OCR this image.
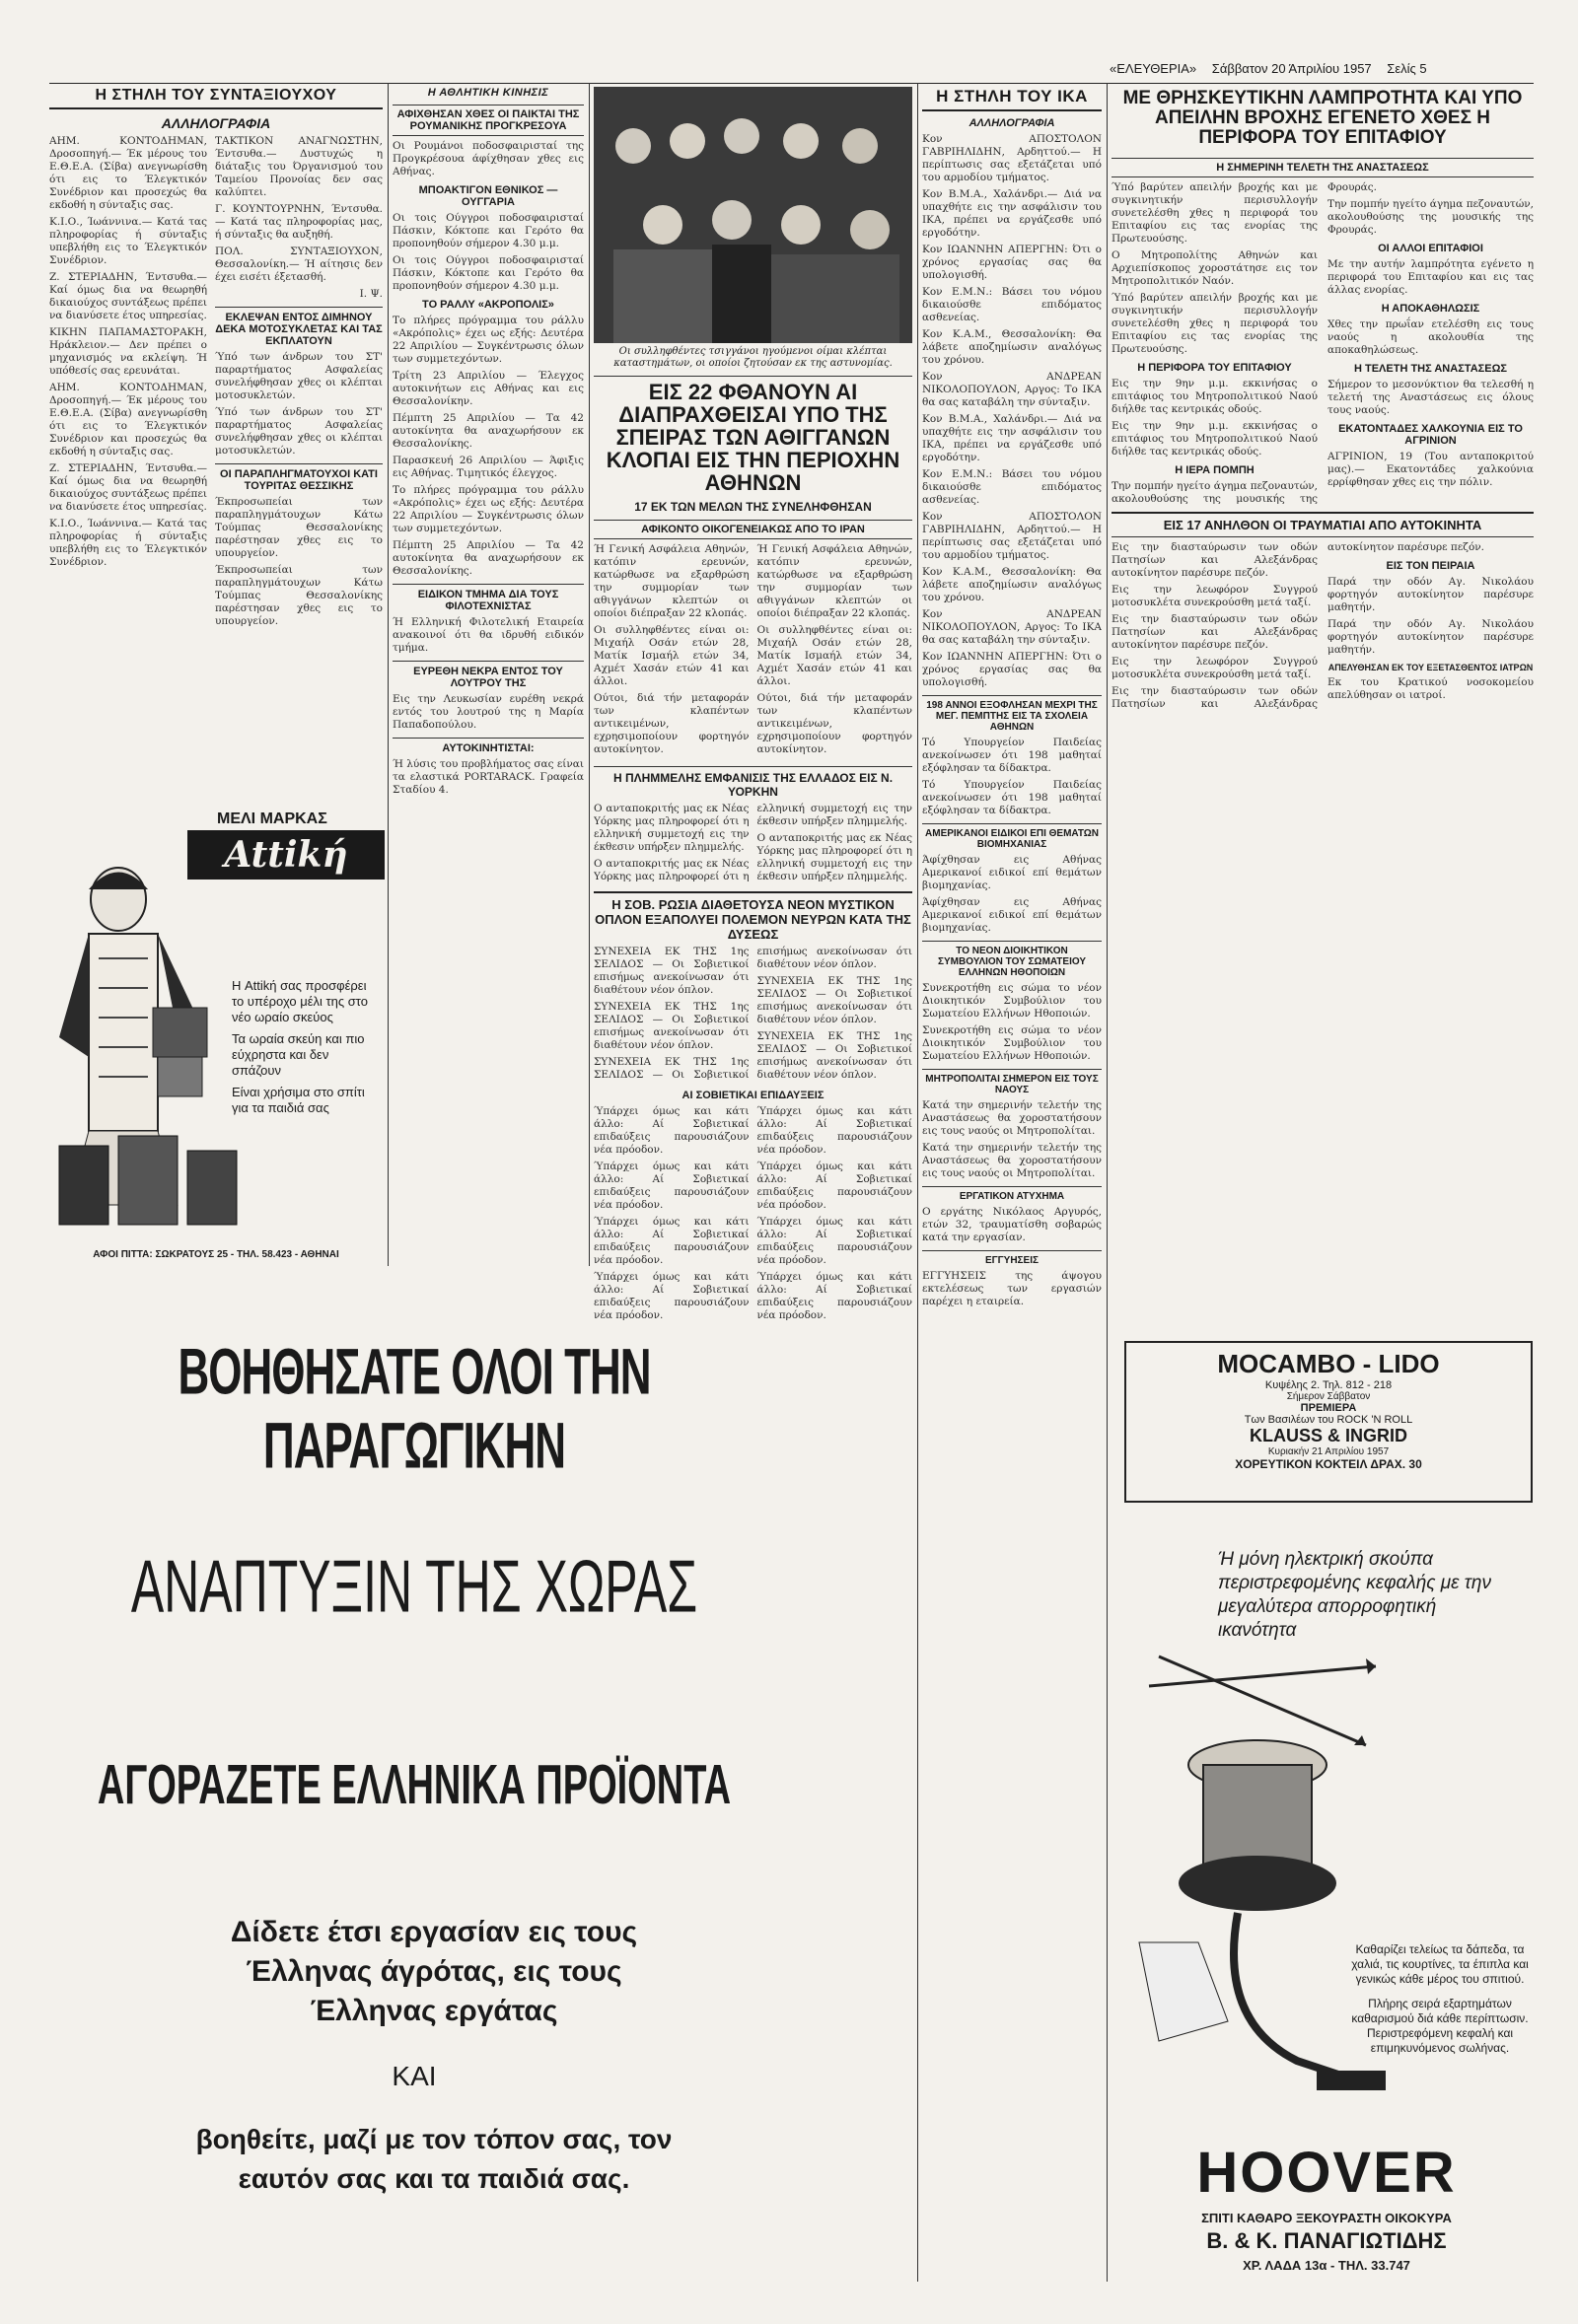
«ΕΛΕΥΘΕΡΙΑ» Σάββατον 20 Άπριλίου 1957 Σελίς 5
Η ΣΤΗΛΗ ΤΟΥ ΣΥΝΤΑΞΙΟΥΧΟΥ
ΑΛΛΗΛΟΓΡΑΦΙΑ

ΑΗΜ. ΚΟΝΤΟΔΗΜΑΝ, Δροσοπηγή.— Έκ μέρους του Ε.Θ.Ε.Α. (Σίβα) ανεγνωρίσθη ότι εις το Έλεγκτικόν Συνέδριον και προσεχώς θα εκδοθή η σύνταξις σας.

Κ.Ι.Ο., Ίωάννινα.— Κατά τας πληροφορίας ή σύνταξις υπεβλήθη εις το Έλεγκτικόν Συνέδριον.

Ζ. ΣΤΕΡΙΑΔΗΝ, Έντσυθα.— Καί όμως δια να θεωρηθή δικαιούχος συντάξεως πρέπει να διανύσετε έτος υπηρεσίας.

ΚΙΚΗΝ ΠΑΠΑΜΑΣΤΟΡΑΚΗ, Ηράκλειον.— Δεν πρέπει ο μηχανισμός να εκλείψη. Ή υπόθεσίς σας ερευνάται.

ΑΗΜ. ΚΟΝΤΟΔΗΜΑΝ, Δροσοπηγή.— Έκ μέρους του Ε.Θ.Ε.Α. (Σίβα) ανεγνωρίσθη ότι εις το Έλεγκτικόν Συνέδριον και προσεχώς θα εκδοθή η σύνταξις σας.

Ζ. ΣΤΕΡΙΑΔΗΝ, Έντσυθα.— Καί όμως δια να θεωρηθή δικαιούχος συντάξεως πρέπει να διανύσετε έτος υπηρεσίας.

Κ.Ι.Ο., Ίωάννινα.— Κατά τας πληροφορίας ή σύνταξις υπεβλήθη εις το Έλεγκτικόν Συνέδριον.

ΤΑΚΤΙΚΟΝ ΑΝΑΓΝΩΣΤΗΝ, Έντσυθα.— Δυστυχώς η διάταξις του Όργανισμού του Ταμείου Προνοίας δεν σας καλύπτει.

Γ. ΚΟΥΝΤΟΥΡΝΗΝ, Έντσυθα.— Κατά τας πληροφορίας μας, ή σύνταξις θα αυξηθή.

ΠΟΛ. ΣΥΝΤΑΞΙΟΥΧΟΝ, Θεσσαλονίκη.— Ή αίτησις δεν έχει εισέτι έξετασθή.

Ι. Ψ.

ΕΚΛΕΨΑΝ ΕΝΤΟΣ ΔΙΜΗΝΟΥ ΔΕΚΑ ΜΟΤΟΣΥΚΛΕΤΑΣ ΚΑΙ ΤΑΣ ΕΚΠΛΑΤΟΥΝ

Ύπό των άνδρων του ΣΤ' παραρτήματος Ασφαλείας συνελήφθησαν χθες οι κλέπται μοτοσυκλετών.

Ύπό των άνδρων του ΣΤ' παραρτήματος Ασφαλείας συνελήφθησαν χθες οι κλέπται μοτοσυκλετών.

ΟΙ ΠΑΡΑΠΛΗΓΜΑΤΟΥΧΟΙ ΚΑΤΙ ΤΟΥΡΙΤΑΣ ΘΕΣΣΙΚΗΣ

Έκπροσωπείαι των παραπληγμάτουχων Κάτω Τούμπας Θεσσαλονίκης παρέστησαν χθες εις το υπουργείον.

Έκπροσωπείαι των παραπληγμάτουχων Κάτω Τούμπας Θεσσαλονίκης παρέστησαν χθες εις το υπουργείον.

ΜΕΛΙ ΜΑΡΚΑΣ
Attikή

Η Attikή σας προσφέρει το υπέροχο μέλι της στο νέο ωραίο σκεύος

Τα ωραία σκεύη και πιο εύχρηστα και δεν σπάζουν

Είναι χρήσιμα στο σπίτι για τα παιδιά σας

ΑΦΟΙ ΠΙΤΤΑ: ΣΩΚΡΑΤΟΥΣ 25 - ΤΗΛ. 58.423 - ΑΘΗΝΑΙ
Η ΑΘΛΗΤΙΚΗ ΚΙΝΗΣΙΣ
ΑΦΙΧΘΗΣΑΝ ΧΘΕΣ ΟΙ ΠΑΙΚΤΑΙ ΤΗΣ ΡΟΥΜΑΝΙΚΗΣ ΠΡΟΓΚΡΕΣΟΥΑ

Οι Ρουμάνοι ποδοσφαιρισταί της Προγκρέσουα άφίχθησαν χθες εις Αθήνας.

ΜΠΟΑΚΤΙΓΟΝ ΕΘΝΙΚΟΣ — ΟΥΓΓΑΡΙΑ

Οι τοις Ούγγροι ποδοσφαιρισταί Πάσκιν, Κόκτοπε και Γερότο θα προπονηθούν σήμερον 4.30 μ.μ.

Οι τοις Ούγγροι ποδοσφαιρισταί Πάσκιν, Κόκτοπε και Γερότο θα προπονηθούν σήμερον 4.30 μ.μ.

ΤΟ ΡΑΛΛΥ «ΑΚΡΟΠΟΛΙΣ»

Το πλήρες πρόγραμμα του ράλλυ «Ακρόπολις» έχει ως εξής: Δευτέρα 22 Απριλίου — Συγκέντρωσις όλων των συμμετεχόντων.

Τρίτη 23 Απριλίου — Έλεγχος αυτοκινήτων εις Αθήνας και εις Θεσσαλονίκην.

Πέμπτη 25 Απριλίου — Τα 42 αυτοκίνητα θα αναχωρήσουν εκ Θεσσαλονίκης.

Παρασκευή 26 Απριλίου — Άφιξις εις Αθήνας. Τιμητικός έλεγχος.

Το πλήρες πρόγραμμα του ράλλυ «Ακρόπολις» έχει ως εξής: Δευτέρα 22 Απριλίου — Συγκέντρωσις όλων των συμμετεχόντων.

Πέμπτη 25 Απριλίου — Τα 42 αυτοκίνητα θα αναχωρήσουν εκ Θεσσαλονίκης.

ΕΙΔΙΚΟΝ ΤΜΗΜΑ ΔΙΑ ΤΟΥΣ ΦΙΛΟΤΕΧΝΙΣΤΑΣ

Ή Ελληνική Φιλοτελική Εταιρεία ανακοινοί ότι θα ιδρυθή ειδικόν τμήμα.

ΕΥΡΕΘΗ ΝΕΚΡΑ ΕΝΤΟΣ ΤΟΥ ΛΟΥΤΡΟΥ ΤΗΣ

Εις την Λευκωσίαν ευρέθη νεκρά εντός του λουτρού της η Μαρία Παπαδοπούλου.

ΑΥΤΟΚΙΝΗΤΙΣΤΑΙ:

Ή λύσις του προβλήματος σας είναι τα ελαστικά PORTARACK. Γραφεία Σταδίου 4.

ΒΟΗΘΗΣΑΤΕ ΟΛΟΙ ΤΗΝ ΠΑΡΑΓΩΓΙΚΗΝ
ΑΝΑΠΤΥΞΙΝ ΤΗΣ ΧΩΡΑΣ
ΑΓΟΡΑΖΕΤΕ ΕΛΛΗΝΙΚΑ ΠΡΟΪΟΝΤΑ
Δίδετε έτσι εργασίαν εις τους Έλληνας άγρότας, εις τους Έλληνας εργάτας
ΚΑΙ
βοηθείτε, μαζί με τον τόπον σας, τον εαυτόν σας και τα παιδιά σας.
Οι συλληφθέντες τσιγγάνοι ηγούμενοι οίμαι κλέπται καταστημάτων, οι οποίοι ζητούσαν εκ της αστυνομίας.
ΕΙΣ 22 ΦΘΑΝΟΥΝ ΑΙ ΔΙΑΠΡΑΧΘΕΙΣΑΙ ΥΠΟ ΤΗΣ ΣΠΕΙΡΑΣ ΤΩΝ ΑΘΙΓΓΑΝΩΝ ΚΛΟΠΑΙ ΕΙΣ ΤΗΝ ΠΕΡΙΟΧΗΝ ΑΘΗΝΩΝ
17 ΕΚ ΤΩΝ ΜΕΛΩΝ ΤΗΣ ΣΥΝΕΛΗΦΘΗΣΑΝ
ΑΦΙΚΟΝΤΟ ΟΙΚΟΓΕΝΕΙΑΚΩΣ ΑΠΟ ΤΟ ΙΡΑΝ

Ή Γενική Ασφάλεια Αθηνών, κατόπιν ερευνών, κατώρθωσε να εξαρθρώση την συμμορίαν των αθιγγάνων κλεπτών οι οποίοι διέπραξαν 22 κλοπάς.

Οι συλληφθέντες είναι οι: Μιχαήλ Οσάν ετών 28, Ματίκ Ισμαήλ ετών 34, Αχμέτ Χασάν ετών 41 και άλλοι.

Ούτοι, διά τήν μεταφοράν των κλαπέντων αντικειμένων, εχρησιμοποίουν φορτηγόν αυτοκίνητον.

Ή Γενική Ασφάλεια Αθηνών, κατόπιν ερευνών, κατώρθωσε να εξαρθρώση την συμμορίαν των αθιγγάνων κλεπτών οι οποίοι διέπραξαν 22 κλοπάς.

Οι συλληφθέντες είναι οι: Μιχαήλ Οσάν ετών 28, Ματίκ Ισμαήλ ετών 34, Αχμέτ Χασάν ετών 41 και άλλοι.

Ούτοι, διά τήν μεταφοράν των κλαπέντων αντικειμένων, εχρησιμοποίουν φορτηγόν αυτοκίνητον.

Η ΠΛΗΜΜΕΛΗΣ ΕΜΦΑΝΙΣΙΣ ΤΗΣ ΕΛΛΑΔΟΣ ΕΙΣ Ν. ΥΟΡΚΗΝ

Ο ανταποκριτής μας εκ Νέας Υόρκης μας πληροφορεί ότι η ελληνική συμμετοχή εις την έκθεσιν υπήρξεν πλημμελής.

Ο ανταποκριτής μας εκ Νέας Υόρκης μας πληροφορεί ότι η ελληνική συμμετοχή εις την έκθεσιν υπήρξεν πλημμελής.

Ο ανταποκριτής μας εκ Νέας Υόρκης μας πληροφορεί ότι η ελληνική συμμετοχή εις την έκθεσιν υπήρξεν πλημμελής.

Η ΣΟΒ. ΡΩΣΙΑ ΔΙΑΘΕΤΟΥΣΑ ΝΕΟΝ ΜΥΣΤΙΚΟΝ ΟΠΛΟΝ ΕΞΑΠΟΛΥΕΙ ΠΟΛΕΜΟΝ ΝΕΥΡΩΝ ΚΑΤΑ ΤΗΣ ΔΥΣΕΩΣ

ΣΥΝΕΧΕΙΑ ΕΚ ΤΗΣ 1ης ΣΕΛΙΔΟΣ — Οι Σοβιετικοί επισήμως ανεκοίνωσαν ότι διαθέτουν νέον όπλον.

ΣΥΝΕΧΕΙΑ ΕΚ ΤΗΣ 1ης ΣΕΛΙΔΟΣ — Οι Σοβιετικοί επισήμως ανεκοίνωσαν ότι διαθέτουν νέον όπλον.

ΣΥΝΕΧΕΙΑ ΕΚ ΤΗΣ 1ης ΣΕΛΙΔΟΣ — Οι Σοβιετικοί επισήμως ανεκοίνωσαν ότι διαθέτουν νέον όπλον.

ΣΥΝΕΧΕΙΑ ΕΚ ΤΗΣ 1ης ΣΕΛΙΔΟΣ — Οι Σοβιετικοί επισήμως ανεκοίνωσαν ότι διαθέτουν νέον όπλον.

ΣΥΝΕΧΕΙΑ ΕΚ ΤΗΣ 1ης ΣΕΛΙΔΟΣ — Οι Σοβιετικοί επισήμως ανεκοίνωσαν ότι διαθέτουν νέον όπλον.

ΑΙ ΣΟΒΙΕΤΙΚΑΙ ΕΠΙΔΑΥΞΕΙΣ

Ύπάρχει όμως και κάτι άλλο: Αί Σοβιετικαί επιδαύξεις παρουσιάζουν νέα πρόοδον.

Ύπάρχει όμως και κάτι άλλο: Αί Σοβιετικαί επιδαύξεις παρουσιάζουν νέα πρόοδον.

Ύπάρχει όμως και κάτι άλλο: Αί Σοβιετικαί επιδαύξεις παρουσιάζουν νέα πρόοδον.

Ύπάρχει όμως και κάτι άλλο: Αί Σοβιετικαί επιδαύξεις παρουσιάζουν νέα πρόοδον.

Ύπάρχει όμως και κάτι άλλο: Αί Σοβιετικαί επιδαύξεις παρουσιάζουν νέα πρόοδον.

Ύπάρχει όμως και κάτι άλλο: Αί Σοβιετικαί επιδαύξεις παρουσιάζουν νέα πρόοδον.

Ύπάρχει όμως και κάτι άλλο: Αί Σοβιετικαί επιδαύξεις παρουσιάζουν νέα πρόοδον.

Ύπάρχει όμως και κάτι άλλο: Αί Σοβιετικαί επιδαύξεις παρουσιάζουν νέα πρόοδον.

Η ΣΤΗΛΗ ΤΟΥ ΙΚΑ
ΑΛΛΗΛΟΓΡΑΦΙΑ

Κον ΑΠΟΣΤΟΛΟΝ ΓΑΒΡΙΗΛΙΔΗΝ, Αρδηττού.— Η περίπτωσις σας εξετάζεται υπό του αρμοδίου τμήματος.

Κον Β.Μ.Α., Χαλάνδρι.— Διά να υπαχθήτε εις την ασφάλισιν του ΙΚΑ, πρέπει να εργάζεσθε υπό εργοδότην.

Κον ΙΩΑΝΝΗΝ ΑΠΕΡΓΗΝ: Ότι ο χρόνος εργασίας σας θα υπολογισθή.

Κον Ε.Μ.Ν.: Βάσει του νόμου δικαιούσθε επιδόματος ασθενείας.

Κον Κ.Α.Μ., Θεσσαλονίκη: Θα λάβετε αποζημίωσιν αναλόγως του χρόνου.

Κον ΑΝΔΡΕΑΝ ΝΙΚΟΛΟΠΟΥΛΟΝ, Αργος: Το ΙΚΑ θα σας καταβάλη την σύνταξιν.

Κον Β.Μ.Α., Χαλάνδρι.— Διά να υπαχθήτε εις την ασφάλισιν του ΙΚΑ, πρέπει να εργάζεσθε υπό εργοδότην.

Κον Ε.Μ.Ν.: Βάσει του νόμου δικαιούσθε επιδόματος ασθενείας.

Κον ΑΠΟΣΤΟΛΟΝ ΓΑΒΡΙΗΛΙΔΗΝ, Αρδηττού.— Η περίπτωσις σας εξετάζεται υπό του αρμοδίου τμήματος.

Κον Κ.Α.Μ., Θεσσαλονίκη: Θα λάβετε αποζημίωσιν αναλόγως του χρόνου.

Κον ΑΝΔΡΕΑΝ ΝΙΚΟΛΟΠΟΥΛΟΝ, Αργος: Το ΙΚΑ θα σας καταβάλη την σύνταξιν.

Κον ΙΩΑΝΝΗΝ ΑΠΕΡΓΗΝ: Ότι ο χρόνος εργασίας σας θα υπολογισθή.

198 ΑΝΝΟΙ ΕΞΟΦΛΗΣΑΝ ΜΕΧΡΙ ΤΗΣ ΜΕΓ. ΠΕΜΠΤΗΣ ΕΙΣ ΤΑ ΣΧΟΛΕΙΑ ΑΘΗΝΩΝ

Τό Υπουργείον Παιδείας ανεκοίνωσεν ότι 198 μαθηταί εξόφλησαν τα δίδακτρα.

Τό Υπουργείον Παιδείας ανεκοίνωσεν ότι 198 μαθηταί εξόφλησαν τα δίδακτρα.

ΑΜΕΡΙΚΑΝΟΙ ΕΙΔΙΚΟΙ ΕΠΙ ΘΕΜΑΤΩΝ ΒΙΟΜΗΧΑΝΙΑΣ

Άφίχθησαν εις Αθήνας Αμερικανοί ειδικοί επί θεμάτων βιομηχανίας.

Άφίχθησαν εις Αθήνας Αμερικανοί ειδικοί επί θεμάτων βιομηχανίας.

ΤΟ ΝΕΟΝ ΔΙΟΙΚΗΤΙΚΟΝ ΣΥΜΒΟΥΛΙΟΝ ΤΟΥ ΣΩΜΑΤΕΙΟΥ ΕΛΛΗΝΩΝ ΗΘΟΠΟΙΩΝ

Συνεκροτήθη εις σώμα το νέον Διοικητικόν Συμβούλιον του Σωματείου Ελλήνων Ηθοποιών.

Συνεκροτήθη εις σώμα το νέον Διοικητικόν Συμβούλιον του Σωματείου Ελλήνων Ηθοποιών.

ΜΗΤΡΟΠΟΛΙΤΑΙ ΣΗΜΕΡΟΝ ΕΙΣ ΤΟΥΣ ΝΑΟΥΣ

Κατά την σημερινήν τελετήν της Αναστάσεως θα χοροστατήσουν εις τους ναούς οι Μητροπολίται.

Κατά την σημερινήν τελετήν της Αναστάσεως θα χοροστατήσουν εις τους ναούς οι Μητροπολίται.

ΕΡΓΑΤΙΚΟΝ ΑΤΥΧΗΜΑ

Ο εργάτης Νικόλαος Αργυρός, ετών 32, τραυματίσθη σοβαρώς κατά την εργασίαν.

ΕΓΓΥΗΣΕΙΣ

ΕΓΓΥΗΣΕΙΣ της άψογου εκτελέσεως των εργασιών παρέχει η εταιρεία.

ΜΕ ΘΡΗΣΚΕΥΤΙΚΗΝ ΛΑΜΠΡΟΤΗΤΑ ΚΑΙ ΥΠΟ ΑΠΕΙΛΗΝ ΒΡΟΧΗΣ ΕΓΕΝΕΤΟ ΧΘΕΣ Η ΠΕΡΙΦΟΡΑ ΤΟΥ ΕΠΙΤΑΦΙΟΥ
Η ΣΗΜΕΡΙΝΗ ΤΕΛΕΤΗ ΤΗΣ ΑΝΑΣΤΑΣΕΩΣ

Ύπό βαρύτεν απειλήν βροχής και με συγκινητικήν περισυλλογήν συνετελέσθη χθες η περιφορά του Επιταφίου εις τας ενορίας της Πρωτευούσης.

Ο Μητροπολίτης Αθηνών και Αρχιεπίσκοπος χοροστάτησε εις τον Μητροπολιτικόν Ναόν.

Ύπό βαρύτεν απειλήν βροχής και με συγκινητικήν περισυλλογήν συνετελέσθη χθες η περιφορά του Επιταφίου εις τας ενορίας της Πρωτευούσης.

Η ΠΕΡΙΦΟΡΑ ΤΟΥ ΕΠΙΤΑΦΙΟΥ

Εις την 9ην μ.μ. εκκινήσας ο επιτάφιος του Μητροπολιτικού Ναού διήλθε τας κεντρικάς οδούς.

Εις την 9ην μ.μ. εκκινήσας ο επιτάφιος του Μητροπολιτικού Ναού διήλθε τας κεντρικάς οδούς.

Η ΙΕΡΑ ΠΟΜΠΗ

Την πομπήν ηγείτο άγημα πεζοναυτών, ακολουθούσης της μουσικής της Φρουράς.

Την πομπήν ηγείτο άγημα πεζοναυτών, ακολουθούσης της μουσικής της Φρουράς.

ΟΙ ΑΛΛΟΙ ΕΠΙΤΑΦΙΟΙ

Με την αυτήν λαμπρότητα εγένετο η περιφορά του Επιταφίου και εις τας άλλας ενορίας.

Η ΑΠΟΚΑΘΗΛΩΣΙΣ

Χθες την πρωΐαν ετελέσθη εις τους ναούς η ακολουθία της αποκαθηλώσεως.

Η ΤΕΛΕΤΗ ΤΗΣ ΑΝΑΣΤΑΣΕΩΣ

Σήμερον το μεσονύκτιον θα τελεσθή η τελετή της Αναστάσεως εις όλους τους ναούς.

ΕΚΑΤΟΝΤΑΔΕΣ ΧΑΛΚΟΥΝΙΑ ΕΙΣ ΤΟ ΑΓΡΙΝΙΟΝ

ΑΓΡΙΝΙΟΝ, 19 (Του ανταποκριτού μας).— Εκατοντάδες χαλκούνια ερρίφθησαν χθες εις την πόλιν.

ΕΙΣ 17 ΑΝΗΛΘΟΝ ΟΙ ΤΡΑΥΜΑΤΙΑΙ ΑΠΟ ΑΥΤΟΚΙΝΗΤΑ

Εις την διασταύρωσιν των οδών Πατησίων και Αλεξάνδρας αυτοκίνητον παρέσυρε πεζόν.

Εις την λεωφόρον Συγγρού μοτοσυκλέτα συνεκρούσθη μετά ταξί.

Εις την διασταύρωσιν των οδών Πατησίων και Αλεξάνδρας αυτοκίνητον παρέσυρε πεζόν.

Εις την λεωφόρον Συγγρού μοτοσυκλέτα συνεκρούσθη μετά ταξί.

Εις την διασταύρωσιν των οδών Πατησίων και Αλεξάνδρας αυτοκίνητον παρέσυρε πεζόν.

ΕΙΣ ΤΟΝ ΠΕΙΡΑΙΑ

Παρά την οδόν Αγ. Νικολάου φορτηγόν αυτοκίνητον παρέσυρε μαθητήν.

Παρά την οδόν Αγ. Νικολάου φορτηγόν αυτοκίνητον παρέσυρε μαθητήν.

ΑΠΕΛΥΘΗΣΑΝ ΕΚ ΤΟΥ ΕΞΕΤΑΣΘΕΝΤΟΣ ΙΑΤΡΩΝ

Εκ του Κρατικού νοσοκομείου απελύθησαν οι ιατροί.

MOCAMBO - LIDO
Κυψέλης 2. Τηλ. 812 - 218
Σήμερον Σάββατον
ΠΡΕΜΙΕΡΑ
Των Βασιλέων του ROCK 'N ROLL
KLAUSS & INGRID
Κυριακήν 21 Απριλίου 1957
ΧΟΡΕΥΤΙΚΟΝ ΚΟΚΤΕΙΛ ΔΡΑΧ. 30
Ή μόνη ηλεκτρική σκούπα περιστρεφομένης κεφαλής με την μεγαλύτερα απορροφητική ικανότητα

Καθαρίζει τελείως τα δάπεδα, τα χαλιά, τις κουρτίνες, τα έπιπλα και γενικώς κάθε μέρος του σπιτιού.

Πλήρης σειρά εξαρτημάτων καθαρισμού διά κάθε περίπτωσιν. Περιστρεφόμενη κεφαλή και επιμηκυνόμενος σωλήνας.

HOOVER
ΣΠΙΤΙ ΚΑΘΑΡΟ ΞΕΚΟΥΡΑΣΤΗ ΟΙΚΟΚΥΡΑ
Β. & Κ. ΠΑΝΑΓΙΩΤΙΔΗΣ
ΧΡ. ΛΑΔΑ 13α - ΤΗΛ. 33.747
